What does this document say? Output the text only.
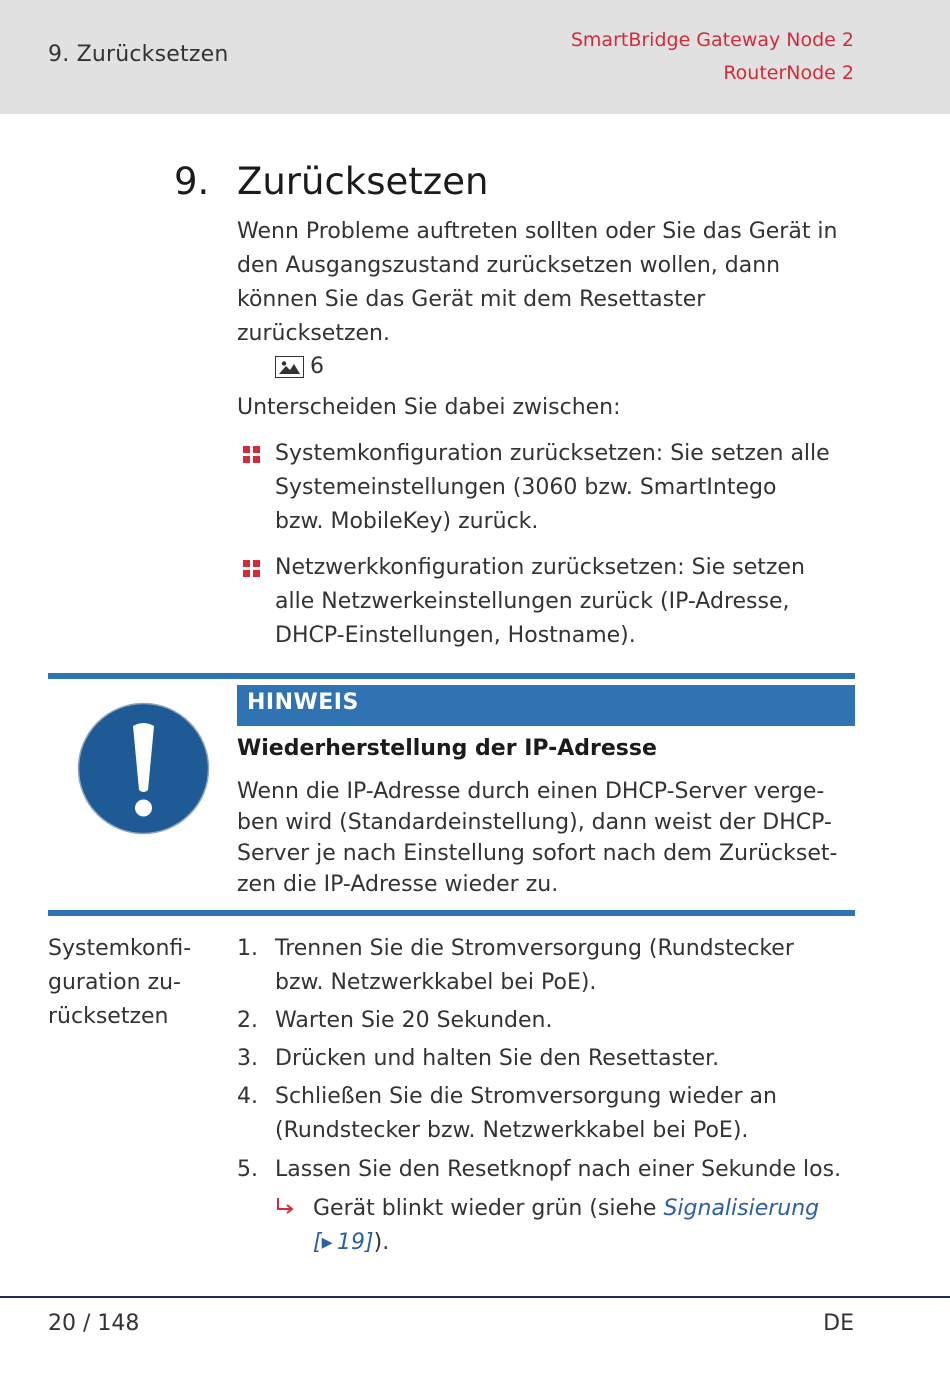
9. Zurücksetzen
SmartBridge Gateway Node 2
RouterNode 2
9. Zurücksetzen
Wenn Probleme auftreten sollten oder Sie das Gerät in
den Ausgangszustand zurücksetzen wollen, dann
können Sie das Gerät mit dem Resettaster
zurücksetzen.
6
Unterscheiden Sie dabei zwischen:
Systemkonfiguration zurücksetzen: Sie setzen alle
Systemeinstellungen (3060 bzw. SmartIntego
bzw. MobileKey) zurück.
Netzwerkkonfiguration zurücksetzen: Sie setzen
alle Netzwerkeinstellungen zurück (IP-Adresse,
DHCP-Einstellungen, Hostname).
HINWEIS
Wiederherstellung der IP-Adresse
Wenn die IP-Adresse durch einen DHCP-Server verge-
ben wird (Standardeinstellung), dann weist der DHCP-
Server je nach Einstellung sofort nach dem Zurückset-
zen die IP-Adresse wieder zu.
Systemkonfi-
guration zu-
rücksetzen
1. Trennen Sie die Stromversorgung (Rundstecker
bzw. Netzwerkkabel bei PoE).
2. Warten Sie 20 Sekunden.
3. Drücken und halten Sie den Resettaster.
4. Schließen Sie die Stromversorgung wieder an
(Rundstecker bzw. Netzwerkkabel bei PoE).
5. Lassen Sie den Resetknopf nach einer Sekunde los.
Gerät blinkt wieder grün (siehe Signalisierung
[▸  19]).
20 / 148	DE
